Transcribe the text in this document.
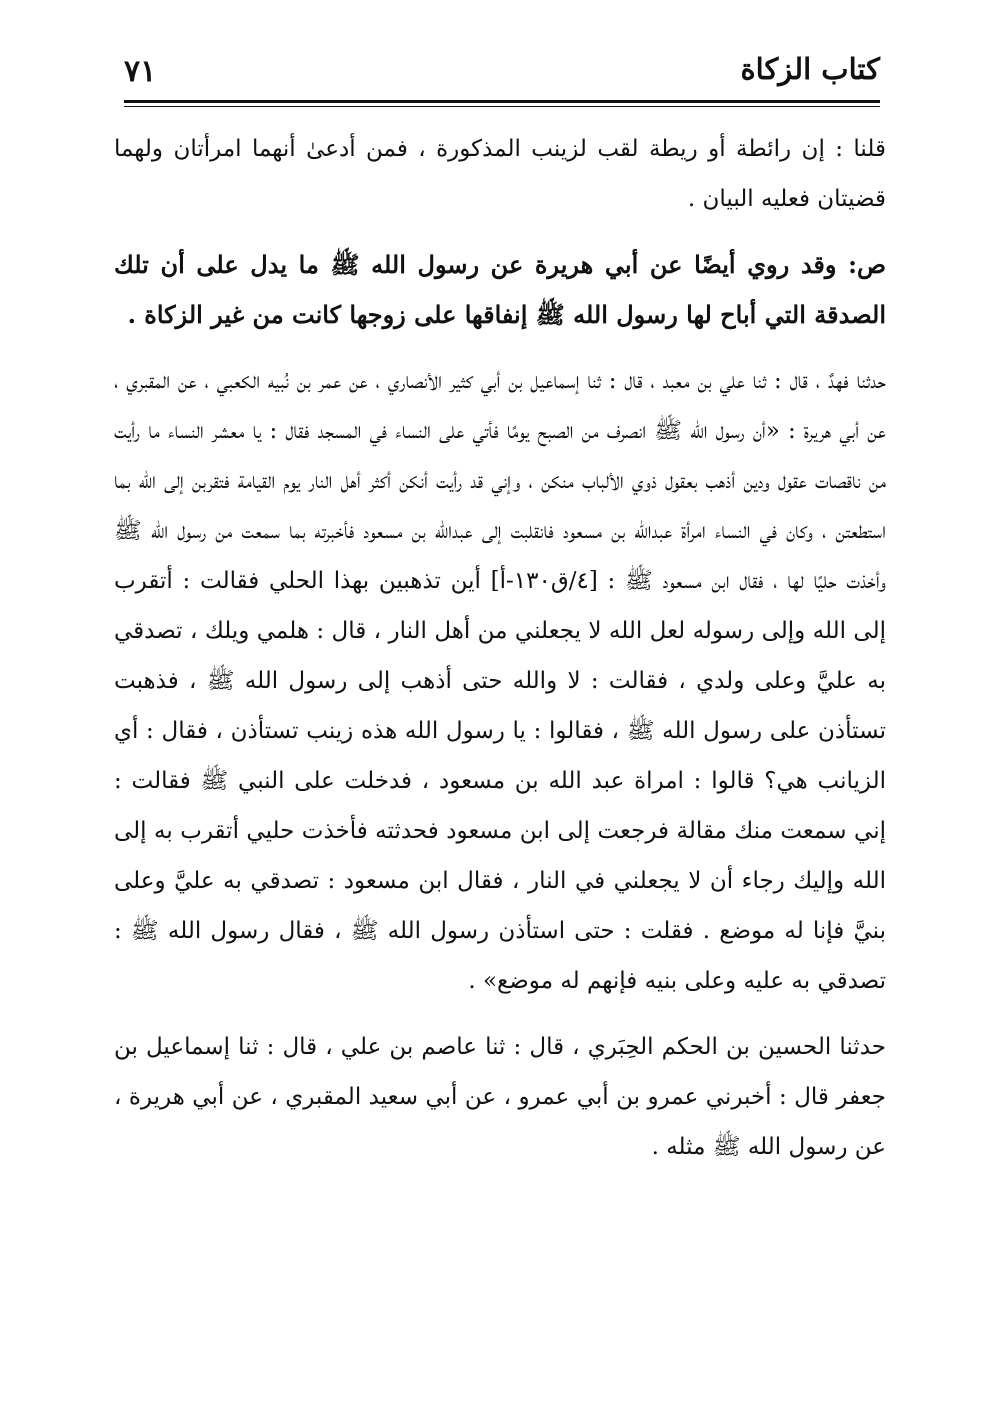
٧١	كتاب الزكاة

قلنا : إن رائطة أو ريطة لقب لزينب المذكورة ، فمن أدعىٰ أنهما امرأتان ولهما قضيتان فعليه البيان .

ص: وقد روي أيضًا عن أبي هريرة عن رسول الله ﷺ ما يدل على أن تلك الصدقة التي أباح لها رسول الله ﷺ إنفاقها على زوجها كانت من غير الزكاة .

حدثنا فهدٌ ، قال : ثنا علي بن معبد ، قال : ثنا إسماعيل بن أبي كثير الأنصاري ، عن عمر بن نُبيه الكعبي ، عن المقبري ، عن أبي هريرة : «أن رسول الله ﷺ انصرف من الصبح يومًا فأتي على النساء في المسجد فقال : يا معشر النساء ما رأيت من ناقصات عقول ودين أذهب بعقول ذوي الألباب منكن ، وإني قد رأيت أنكن أكثر أهل النار يوم القيامة فتقربن إلى الله بما استطعتن ، وكان في النساء امرأة عبدالله بن مسعود فانقلبت إلى عبدالله بن مسعود فأخبرته بما سمعت من رسول الله ﷺ وأخذت حليًا لها ، فقال ابن مسعود ﷺ : [٤/ق١٣٠-أ] أين تذهبين بهذا الحلي فقالت : أتقرب إلى الله وإلى رسوله لعل الله لا يجعلني من أهل النار ، قال : هلمي ويلك ، تصدقي به عليَّ وعلى ولدي ، فقالت : لا والله حتى أذهب إلى رسول الله ﷺ ، فذهبت تستأذن على رسول الله ﷺ ، فقالوا : يا رسول الله هذه زينب تستأذن ، فقال : أي الزيانب هي؟ قالوا : امراة عبد الله بن مسعود ، فدخلت على النبي ﷺ فقالت : إني سمعت منك مقالة فرجعت إلى ابن مسعود فحدثته فأخذت حليي أتقرب به إلى الله وإليك رجاء أن لا يجعلني في النار ، فقال ابن مسعود : تصدقي به عليَّ وعلى بنيَّ فإنا له موضع . فقلت : حتى استأذن رسول الله ﷺ ، فقال رسول الله ﷺ : تصدقي به عليه وعلى بنيه فإنهم له موضع» .

حدثنا الحسين بن الحكم الحِبَري ، قال : ثنا عاصم بن علي ، قال : ثنا إسماعيل بن جعفر قال : أخبرني عمرو بن أبي عمرو ، عن أبي سعيد المقبري ، عن أبي هريرة ، عن رسول الله ﷺ مثله .
